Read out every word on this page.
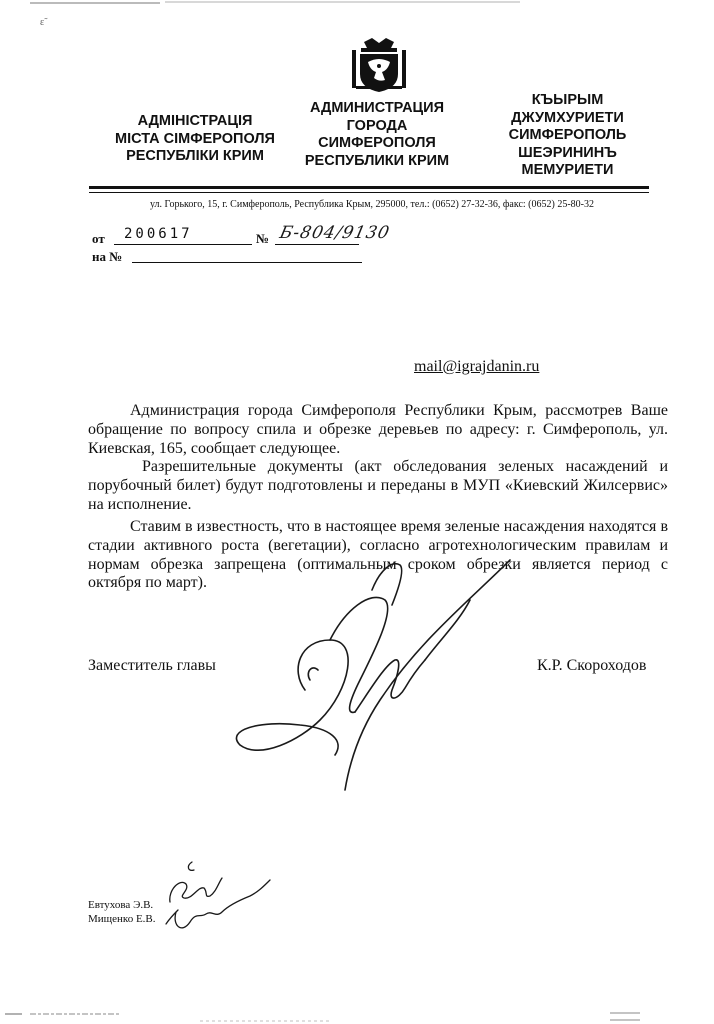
ɛ̃
АДМІНІСТРАЦІЯ
МІСТА СІМФЕРОПОЛЯ
РЕСПУБЛІКИ КРИМ
АДМИНИСТРАЦИЯ
ГОРОДА
СИМФЕРОПОЛЯ
РЕСПУБЛИКИ КРИМ
КЪЫРЫМ
ДЖУМХУРИЕТИ
СИМФЕРОПОЛЬ
ШЕЭРИНИНЪ
МЕМУРИЕТИ
ул. Горького, 15, г. Симферополь, Республика Крым, 295000, тел.: (0652) 27-32-36, факс: (0652) 25-80-32
от 200617	№ Б-804/9130
на №
mail@igrajdanin.ru

Администрация города Симферополя Республики Крым, рассмотрев Ваше обращение по вопросу спила и обрезке деревьев по адресу: г. Симферополь, ул. Киевская, 165, сообщает следующее.

Разрешительные документы (акт обследования зеленых насаждений и порубочный билет) будут подготовлены и переданы в МУП «Киевский Жилсервис» на исполнение.

Ставим в известность, что в настоящее время зеленые насаждения находятся в стадии активного роста (вегетации), согласно агротехнологическим правилам и нормам обрезка запрещена (оптимальным сроком обрезки является период с октября по март).

Заместитель главы	К.Р. Скороходов
Евтухова Э.В.
Мищенко Е.В.
